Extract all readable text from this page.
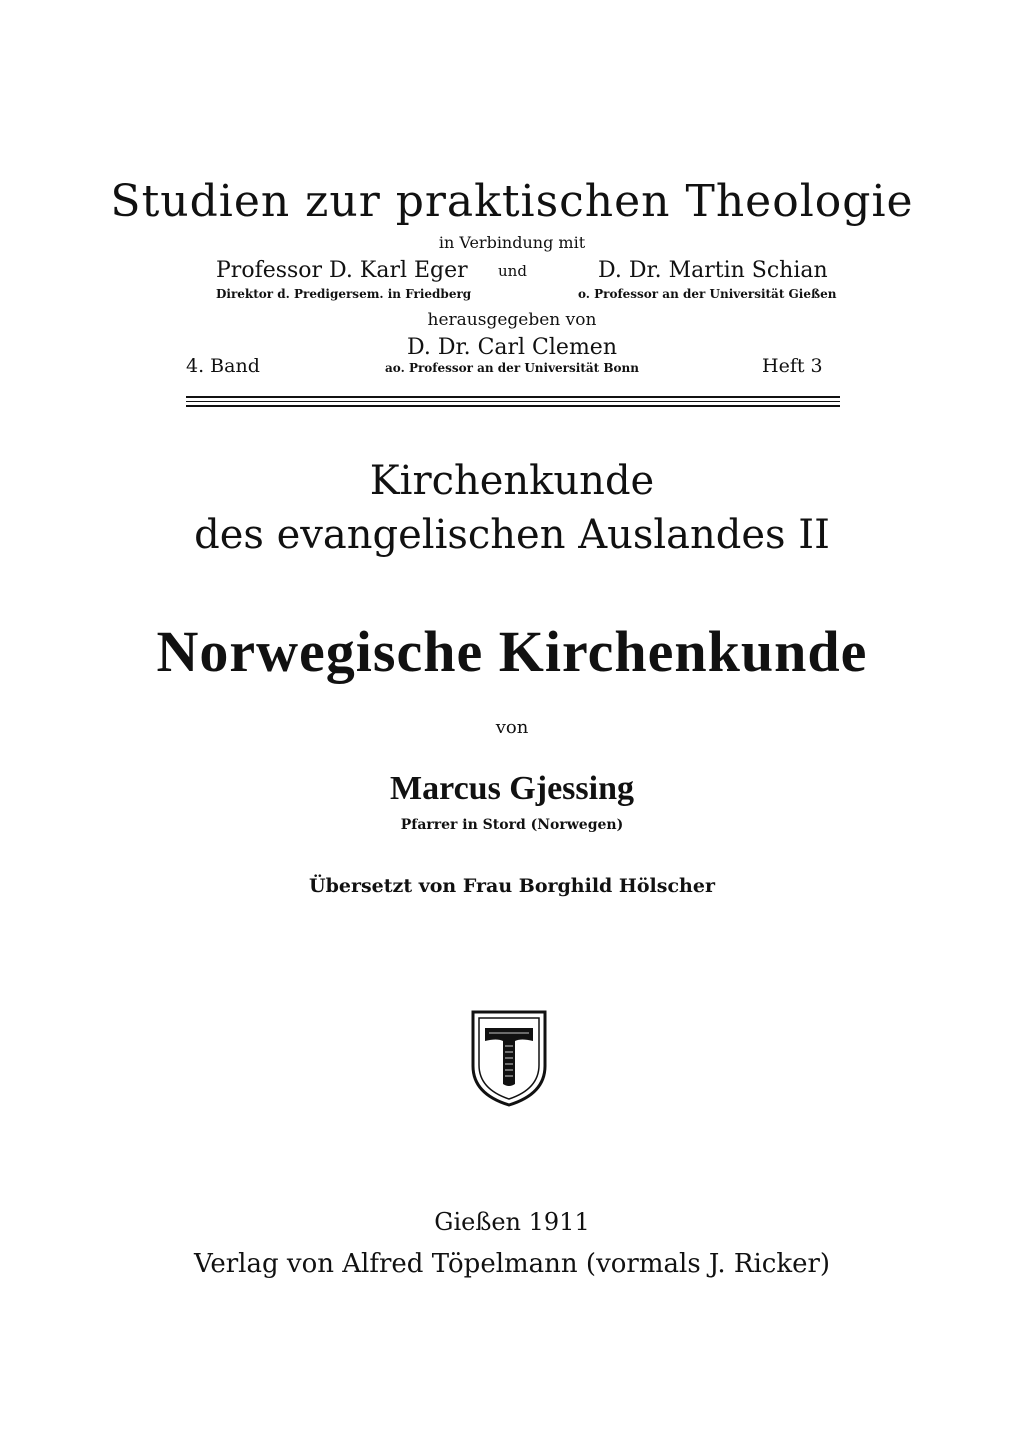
Studien zur praktischen Theologie
in Verbindung mit
Professor D. Karl Eger
Direktor d. Predigersem. in Friedberg
und	D. Dr. Martin Schian
o. Professor an der Universität Gießen
herausgegeben von
D. Dr. Carl Clemen
ao. Professor an der Universität Bonn
4. Band	Heft 3
Kirchenkunde
des evangelischen Auslandes II
Norwegische Kirchenkunde
von
Marcus Gjessing
Pfarrer in Stord (Norwegen)
Übersetzt von Frau Borghild Hölscher
Gießen 1911
Verlag von Alfred Töpelmann (vormals J. Ricker)
